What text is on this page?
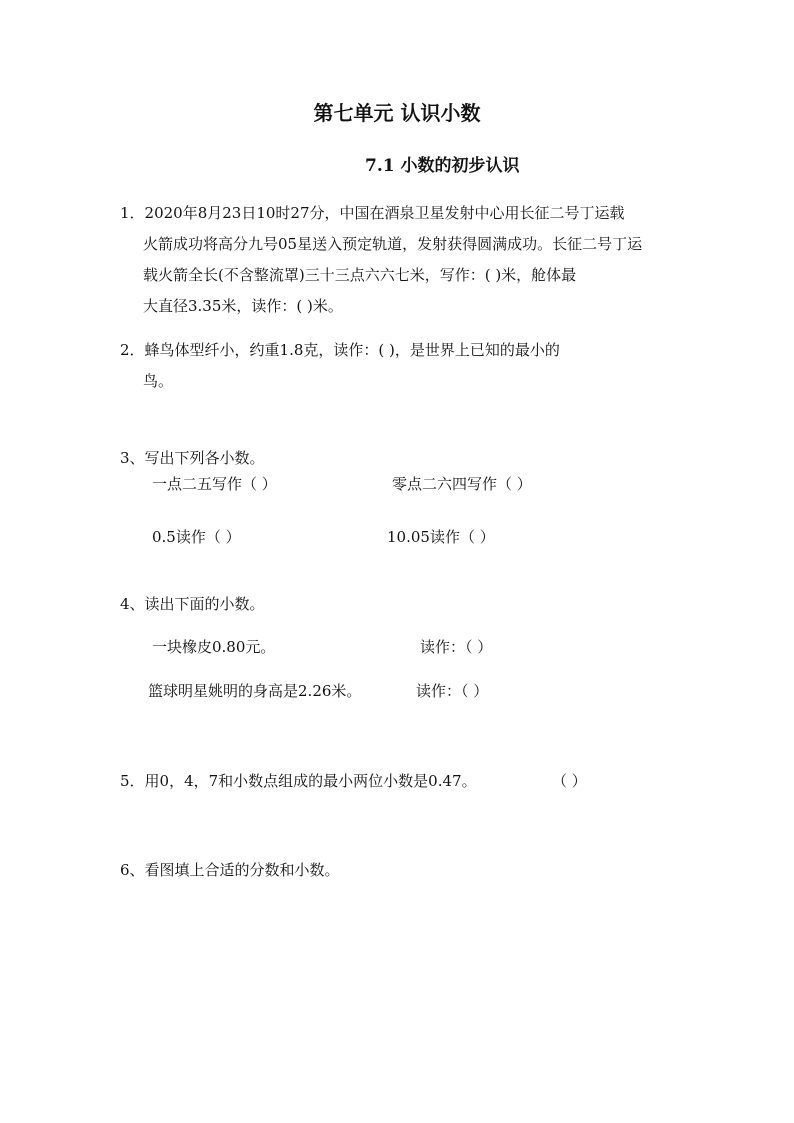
第七单元 认识小数
7.1 小数的初步认识
1．2020年8月23日10时27分，中国在酒泉卫星发射中心用长征二号丁运载
火箭成功将高分九号05星送入预定轨道，发射获得圆满成功。长征二号丁运
载火箭全长(不含整流罩)三十三点六六七米，写作：( )米，舱体最
大直径3.35米，读作：( )米。
2．蜂鸟体型纤小，约重1.8克，读作：( )，是世界上已知的最小的
鸟。
3、写出下列各小数。
一点二五写作（ ）	零点二六四写作（ ）
0.5读作（ ）	10.05读作（ ）
4、读出下面的小数。
一块橡皮0.80元。	读作：（ ）
篮球明星姚明的身高是2.26米。	读作：（ ）
5．用0，4，7和小数点组成的最小两位小数是0.47。	（ ）
6、看图填上合适的分数和小数。
